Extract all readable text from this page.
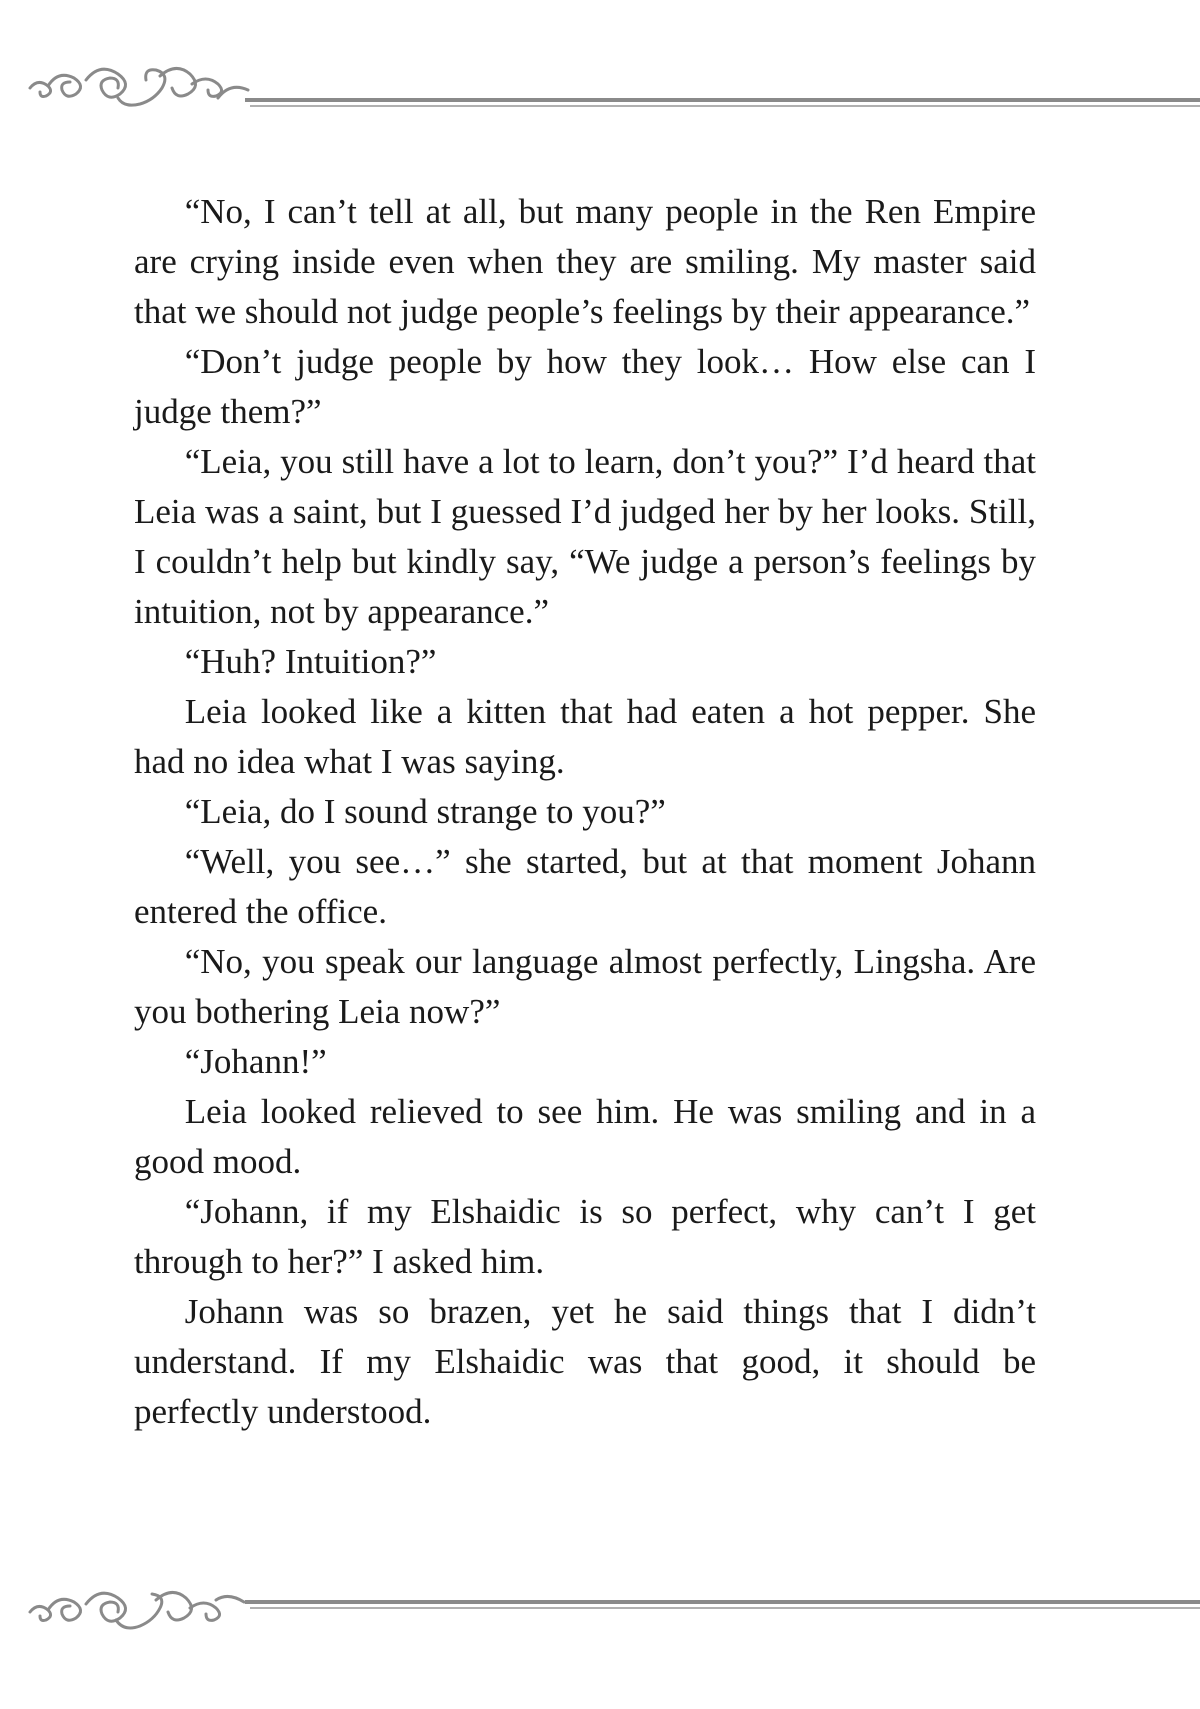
“No, I can’t tell at all, but many people in the Ren Empire are crying inside even when they are smiling. My master said that we should not judge people’s feelings by their appearance.”

“Don’t judge people by how they look… How else can I judge them?”

“Leia, you still have a lot to learn, don’t you?” I’d heard that Leia was a saint, but I guessed I’d judged her by her looks. Still, I couldn’t help but kindly say, “We judge a person’s feelings by intuition, not by appearance.”

“Huh? Intuition?”

Leia looked like a kitten that had eaten a hot pepper. She had no idea what I was saying.

“Leia, do I sound strange to you?”

“Well, you see…” she started, but at that moment Johann entered the office.

“No, you speak our language almost perfectly, Lingsha. Are you bothering Leia now?”

“Johann!”

Leia looked relieved to see him. He was smiling and in a good mood.

“Johann, if my Elshaidic is so perfect, why can’t I get through to her?” I asked him.

Johann was so brazen, yet he said things that I didn’t understand. If my Elshaidic was that good, it should be perfectly understood.
